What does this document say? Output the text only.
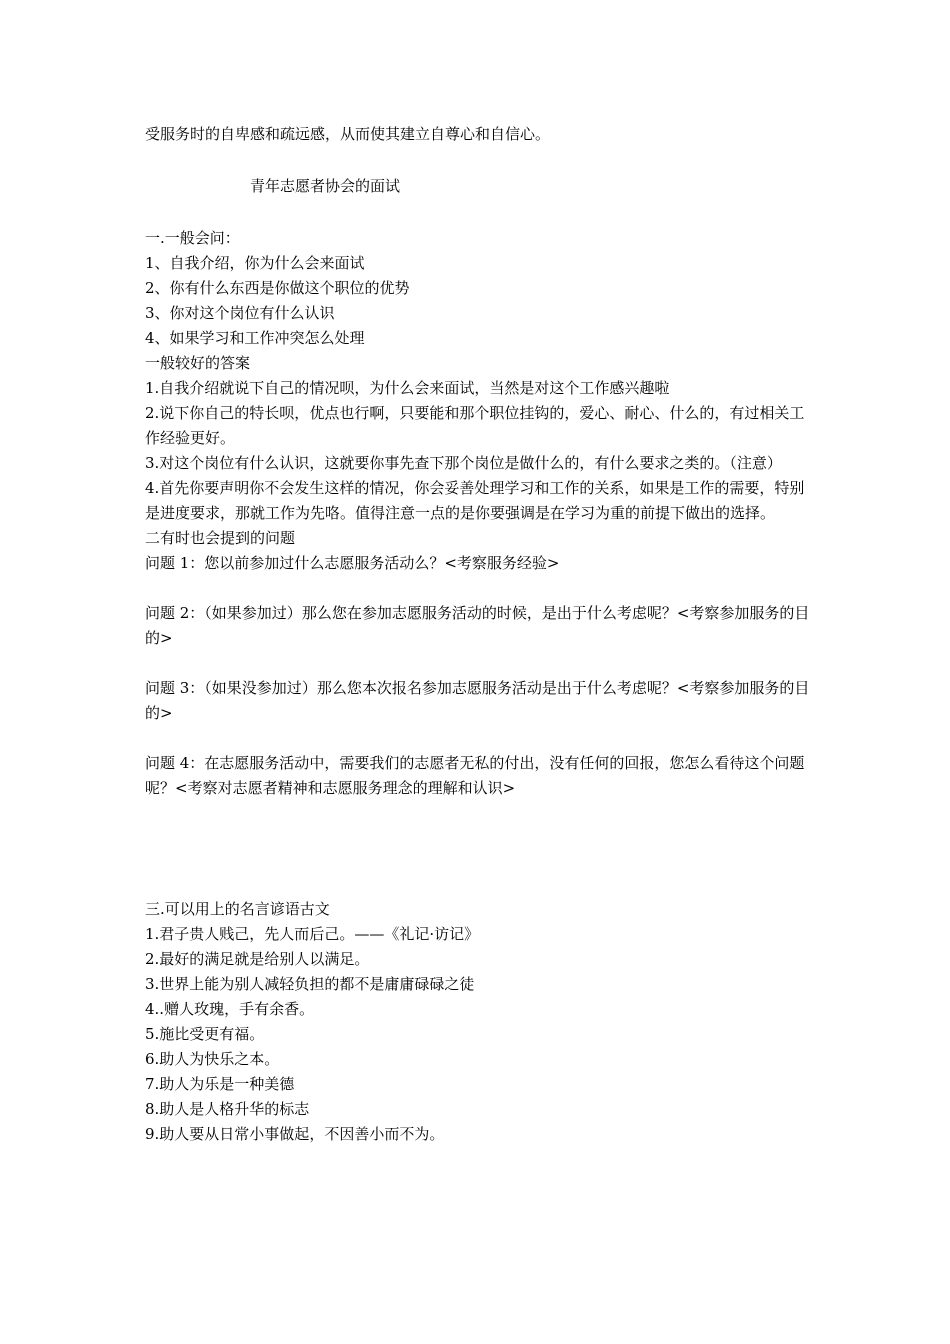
受服务时的自卑感和疏远感，从而使其建立自尊心和自信心。

青年志愿者协会的面试

一.一般会问：

1、自我介绍，你为什么会来面试

2、你有什么东西是你做这个职位的优势

3、你对这个岗位有什么认识

4、如果学习和工作冲突怎么处理

一般较好的答案

1.自我介绍就说下自己的情况呗，为什么会来面试，当然是对这个工作感兴趣啦

2.说下你自己的特长呗，优点也行啊，只要能和那个职位挂钩的，爱心、耐心、什么的，有过相关工作经验更好。

3.对这个岗位有什么认识，这就要你事先查下那个岗位是做什么的，有什么要求之类的。（注意）

4.首先你要声明你不会发生这样的情况，你会妥善处理学习和工作的关系，如果是工作的需要，特别是进度要求，那就工作为先咯。值得注意一点的是你要强调是在学习为重的前提下做出的选择。

二有时也会提到的问题

问题 1：您以前参加过什么志愿服务活动么？<考察服务经验>

问题 2：（如果参加过）那么您在参加志愿服务活动的时候，是出于什么考虑呢？<考察参加服务的目的>

问题 3：（如果没参加过）那么您本次报名参加志愿服务活动是出于什么考虑呢？<考察参加服务的目的>

问题 4：在志愿服务活动中，需要我们的志愿者无私的付出，没有任何的回报，您怎么看待这个问题呢？<考察对志愿者精神和志愿服务理念的理解和认识>

三.可以用上的名言谚语古文

1.君子贵人贱己，先人而后己。——《礼记·访记》

2.最好的满足就是给别人以满足。

3.世界上能为别人减轻负担的都不是庸庸碌碌之徒

4..赠人玫瑰，手有余香。

5.施比受更有福。

6.助人为快乐之本。

7.助人为乐是一种美德

8.助人是人格升华的标志

9.助人要从日常小事做起，不因善小而不为。
